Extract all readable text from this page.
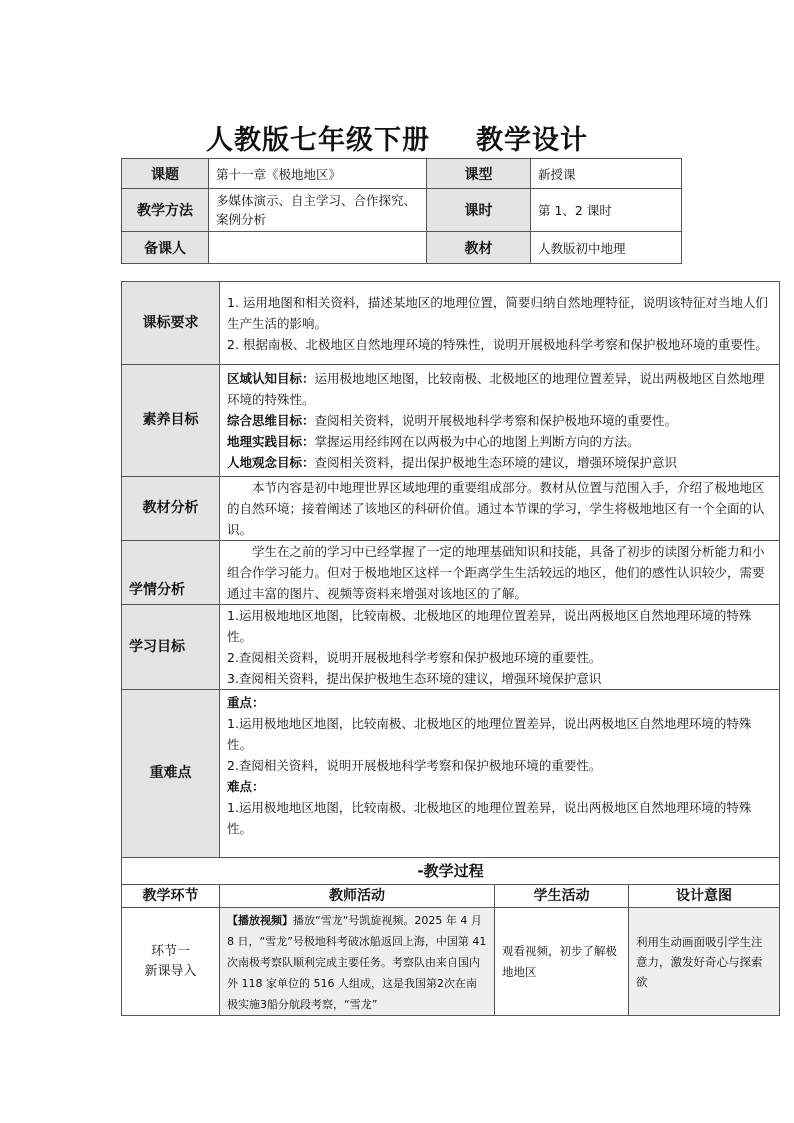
人教版七年级下册 教学设计
课题	第十一章《极地地区》	课型	新授课
教学方法	多媒体演示、自主学习、合作探究、案例分析	课时	第 1、2 课时
备课人		教材	人教版初中地理
课标要求	1. 运用地图和相关资料，描述某地区的地理位置，简要归纳自然地理特征，说明该特征对当地人们生产生活的影响。

2. 根据南极、北极地区自然地理环境的特殊性，说明开展极地科学考察和保护极地环境的重要性。		

素养目标	区域认知目标：运用极地地区地图，比较南极、北极地区的地理位置差异，说出两极地区自然地理环境的特殊性。

综合思维目标：查阅相关资料，说明开展极地科学考察和保护极地环境的重要性。

地理实践目标：掌握运用经纬网在以两极为中心的地图上判断方向的方法。

人地观念目标：查阅相关资料，提出保护极地生态环境的建议，增强环境保护意识		

教材分析	本节内容是初中地理世界区域地理的重要组成部分。教材从位置与范围入手，介绍了极地地区的自然环境；接着阐述了该地区的科研价值。通过本节课的学习，学生将极地地区有一个全面的认识。		

学情分析	学生在之前的学习中已经掌握了一定的地理基础知识和技能，具备了初步的读图分析能力和小组合作学习能力。但对于极地地区这样一个距离学生生活较远的地区，他们的感性认识较少，需要通过丰富的图片、视频等资料来增强对该地区的了解。		

学习目标	1.运用极地地区地图，比较南极、北极地区的地理位置差异，说出两极地区自然地理环境的特殊性。

2.查阅相关资料，说明开展极地科学考察和保护极地环境的重要性。

3.查阅相关资料，提出保护极地生态环境的建议，增强环境保护意识		

重难点	重点：

1.运用极地地区地图，比较南极、北极地区的地理位置差异，说出两极地区自然地理环境的特殊性。

2.查阅相关资料，说明开展极地科学考察和保护极地环境的重要性。

难点：

1.运用极地地区地图，比较南极、北极地区的地理位置差异，说出两极地区自然地理环境的特殊性。		

-教学过程			
教学环节	教师活动	学生活动	设计意图

环节一
新课导入	【播放视频】播放“雪龙“号凯旋视频。2025 年 4 月 8 日，“雪龙”号极地科考破冰船返回上海，中国第 41 次南极考察队顺利完成主要任务。考察队由来自国内外 118 家单位的 516 人组成，这是我国第2次在南极实施3船分航段考察，“雪龙”	观看视频，初步了解极地地区	利用生动画面吸引学生注意力，激发好奇心与探索欲
